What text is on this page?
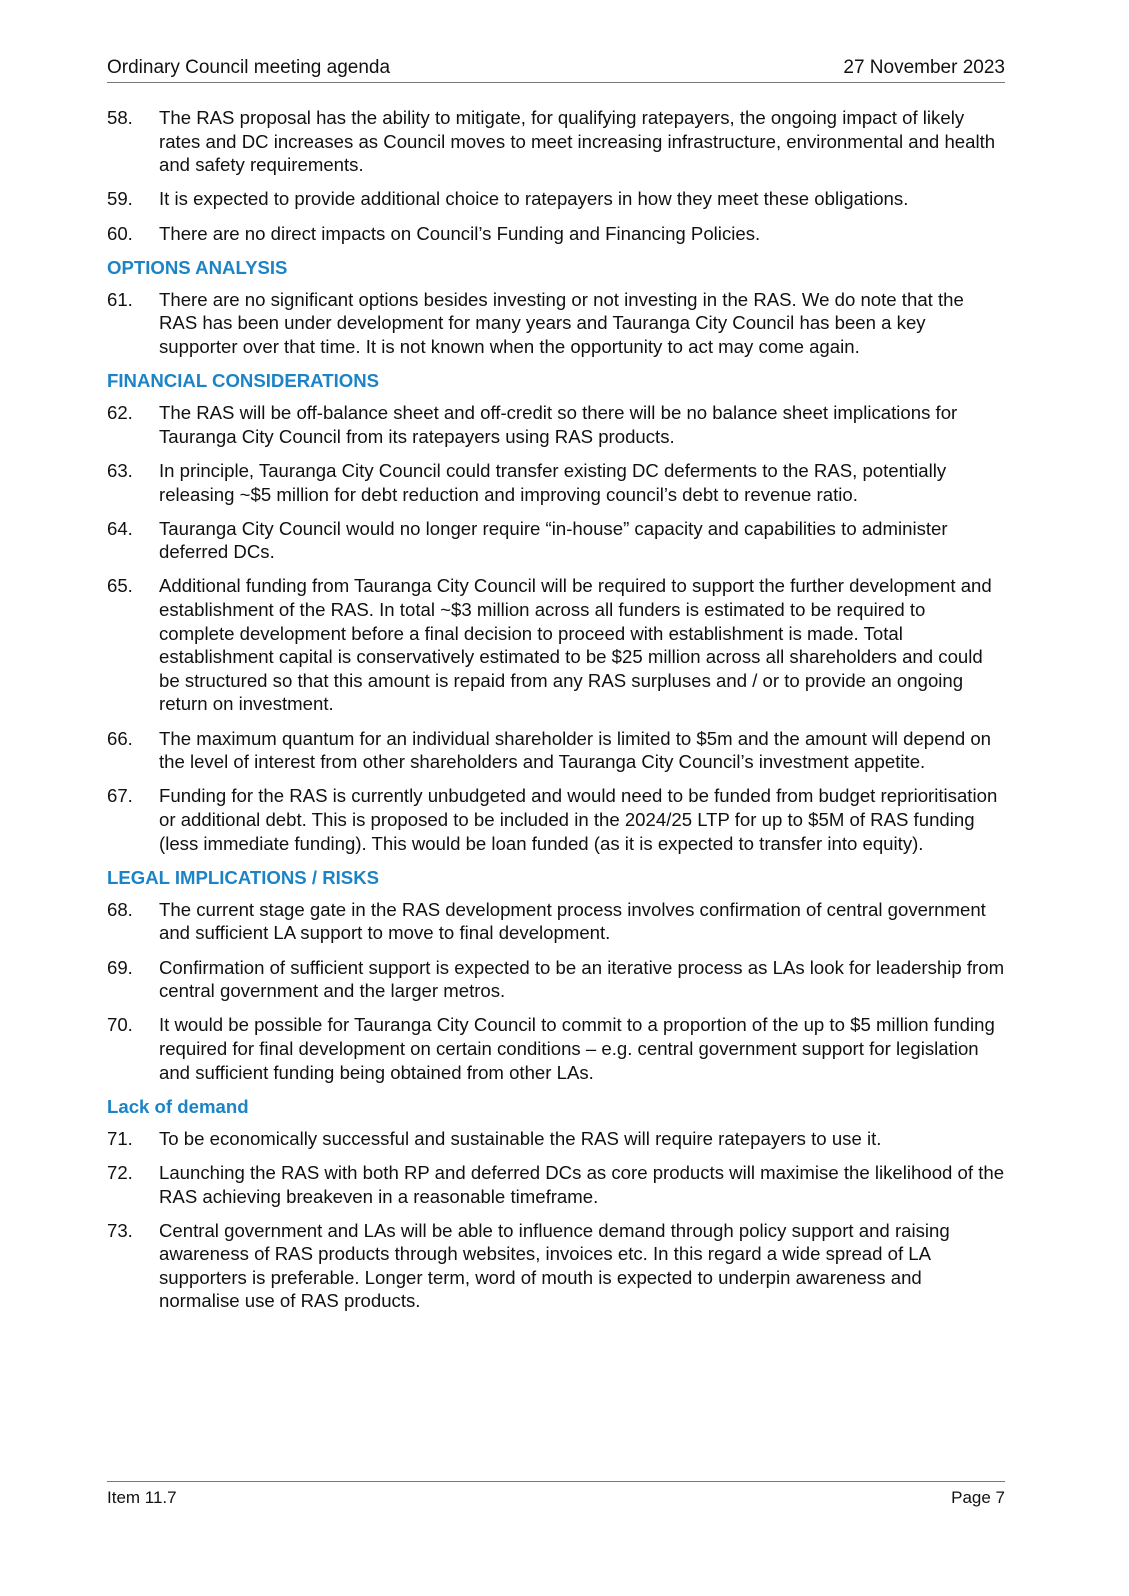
Ordinary Council meeting agenda	27 November 2023
58. The RAS proposal has the ability to mitigate, for qualifying ratepayers, the ongoing impact of likely rates and DC increases as Council moves to meet increasing infrastructure, environmental and health and safety requirements.
59. It is expected to provide additional choice to ratepayers in how they meet these obligations.
60. There are no direct impacts on Council’s Funding and Financing Policies.
OPTIONS ANALYSIS
61. There are no significant options besides investing or not investing in the RAS. We do note that the RAS has been under development for many years and Tauranga City Council has been a key supporter over that time. It is not known when the opportunity to act may come again.
FINANCIAL CONSIDERATIONS
62. The RAS will be off-balance sheet and off-credit so there will be no balance sheet implications for Tauranga City Council from its ratepayers using RAS products.
63. In principle, Tauranga City Council could transfer existing DC deferments to the RAS, potentially releasing ~$5 million for debt reduction and improving council’s debt to revenue ratio.
64. Tauranga City Council would no longer require “in-house” capacity and capabilities to administer deferred DCs.
65. Additional funding from Tauranga City Council will be required to support the further development and establishment of the RAS. In total ~$3 million across all funders is estimated to be required to complete development before a final decision to proceed with establishment is made. Total establishment capital is conservatively estimated to be $25 million across all shareholders and could be structured so that this amount is repaid from any RAS surpluses and / or to provide an ongoing return on investment.
66. The maximum quantum for an individual shareholder is limited to $5m and the amount will depend on the level of interest from other shareholders and Tauranga City Council’s investment appetite.
67. Funding for the RAS is currently unbudgeted and would need to be funded from budget reprioritisation or additional debt. This is proposed to be included in the 2024/25 LTP for up to $5M of RAS funding (less immediate funding). This would be loan funded (as it is expected to transfer into equity).
LEGAL IMPLICATIONS / RISKS
68. The current stage gate in the RAS development process involves confirmation of central government and sufficient LA support to move to final development.
69. Confirmation of sufficient support is expected to be an iterative process as LAs look for leadership from central government and the larger metros.
70. It would be possible for Tauranga City Council to commit to a proportion of the up to $5 million funding required for final development on certain conditions – e.g. central government support for legislation and sufficient funding being obtained from other LAs.
Lack of demand
71. To be economically successful and sustainable the RAS will require ratepayers to use it.
72. Launching the RAS with both RP and deferred DCs as core products will maximise the likelihood of the RAS achieving breakeven in a reasonable timeframe.
73. Central government and LAs will be able to influence demand through policy support and raising awareness of RAS products through websites, invoices etc. In this regard a wide spread of LA supporters is preferable. Longer term, word of mouth is expected to underpin awareness and normalise use of RAS products.
Item 11.7	Page 7
